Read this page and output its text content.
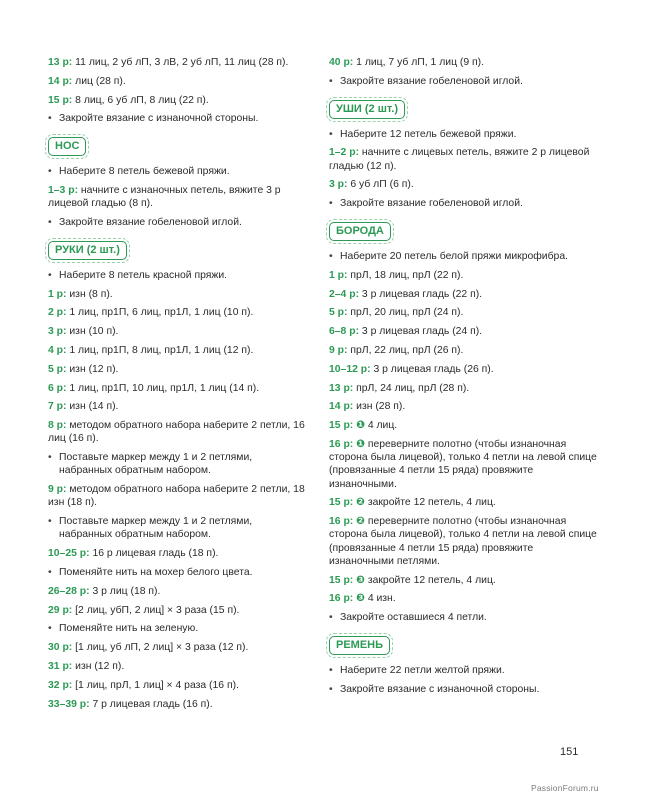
13 р: 11 лиц, 2 уб лП, 3 лВ, 2 уб лП, 11 лиц (28 п).

14 р: лиц (28 п).

15 р: 8 лиц, 6 уб лП, 8 лиц (22 п).

• Закройте вязание с изнаночной стороны.

НОС

• Наберите 8 петель бежевой пряжи.

1–3 р: начните с изнаночных петель, вяжите 3 р лицевой гладью (8 п).

• Закройте вязание гобеленовой иглой.

РУКИ (2 шт.)

• Наберите 8 петель красной пряжи.

1 р: изн (8 п).

2 р: 1 лиц, пр1П, 6 лиц, пр1Л, 1 лиц (10 п).

3 р: изн (10 п).

4 р: 1 лиц, пр1П, 8 лиц, пр1Л, 1 лиц (12 п).

5 р: изн (12 п).

6 р: 1 лиц, пр1П, 10 лиц, пр1Л, 1 лиц (14 п).

7 р: изн (14 п).

8 р: методом обратного набора наберите 2 петли, 16 лиц (16 п).

• Поставьте маркер между 1 и 2 петлями, набранных обратным набором.

9 р: методом обратного набора наберите 2 петли, 18 изн (18 п).

• Поставьте маркер между 1 и 2 петлями, набранных обратным набором.

10–25 р: 16 р лицевая гладь (18 п).

• Поменяйте нить на мохер белого цвета.

26–28 р: 3 р лиц (18 п).

29 р: [2 лиц, убП, 2 лиц] × 3 раза (15 п).

• Поменяйте нить на зеленую.

30 р: [1 лиц, уб лП, 2 лиц] × 3 раза (12 п).

31 р: изн (12 п).

32 р: [1 лиц, прЛ, 1 лиц] × 4 раза (16 п).

33–39 р: 7 р лицевая гладь (16 п).

40 р: 1 лиц, 7 уб лП, 1 лиц (9 п).

• Закройте вязание гобеленовой иглой.

УШИ (2 шт.)

• Наберите 12 петель бежевой пряжи.

1–2 р: начните с лицевых петель, вяжите 2 р лицевой гладью (12 п).

3 р: 6 уб лП (6 п).

• Закройте вязание гобеленовой иглой.

БОРОДА

• Наберите 20 петель белой пряжи микрофибра.

1 р: прЛ, 18 лиц, прЛ (22 п).

2–4 р: 3 р лицевая гладь (22 п).

5 р: прЛ, 20 лиц, прЛ (24 п).

6–8 р: 3 р лицевая гладь (24 п).

9 р: прЛ, 22 лиц, прЛ (26 п).

10–12 р: 3 р лицевая гладь (26 п).

13 р: прЛ, 24 лиц, прЛ (28 п).

14 р: изн (28 п).

15 р: ❶ 4 лиц.

16 р: ❶ переверните полотно (чтобы изнаночная сторона была лицевой), только 4 петли на левой спице (провязанные 4 петли 15 ряда) провяжите изнаночными.

15 р: ❷ закройте 12 петель, 4 лиц.

16 р: ❷ переверните полотно (чтобы изнаночная сторона была лицевой), только 4 петли на левой спице (провязанные 4 петли 15 ряда) провяжите изнаночными петлями.

15 р: ❸ закройте 12 петель, 4 лиц.

16 р: ❸ 4 изн.

• Закройте оставшиеся 4 петли.

РЕМЕНЬ

• Наберите 22 петли желтой пряжи.

• Закройте вязание с изнаночной стороны.

151
PassionForum.ru
